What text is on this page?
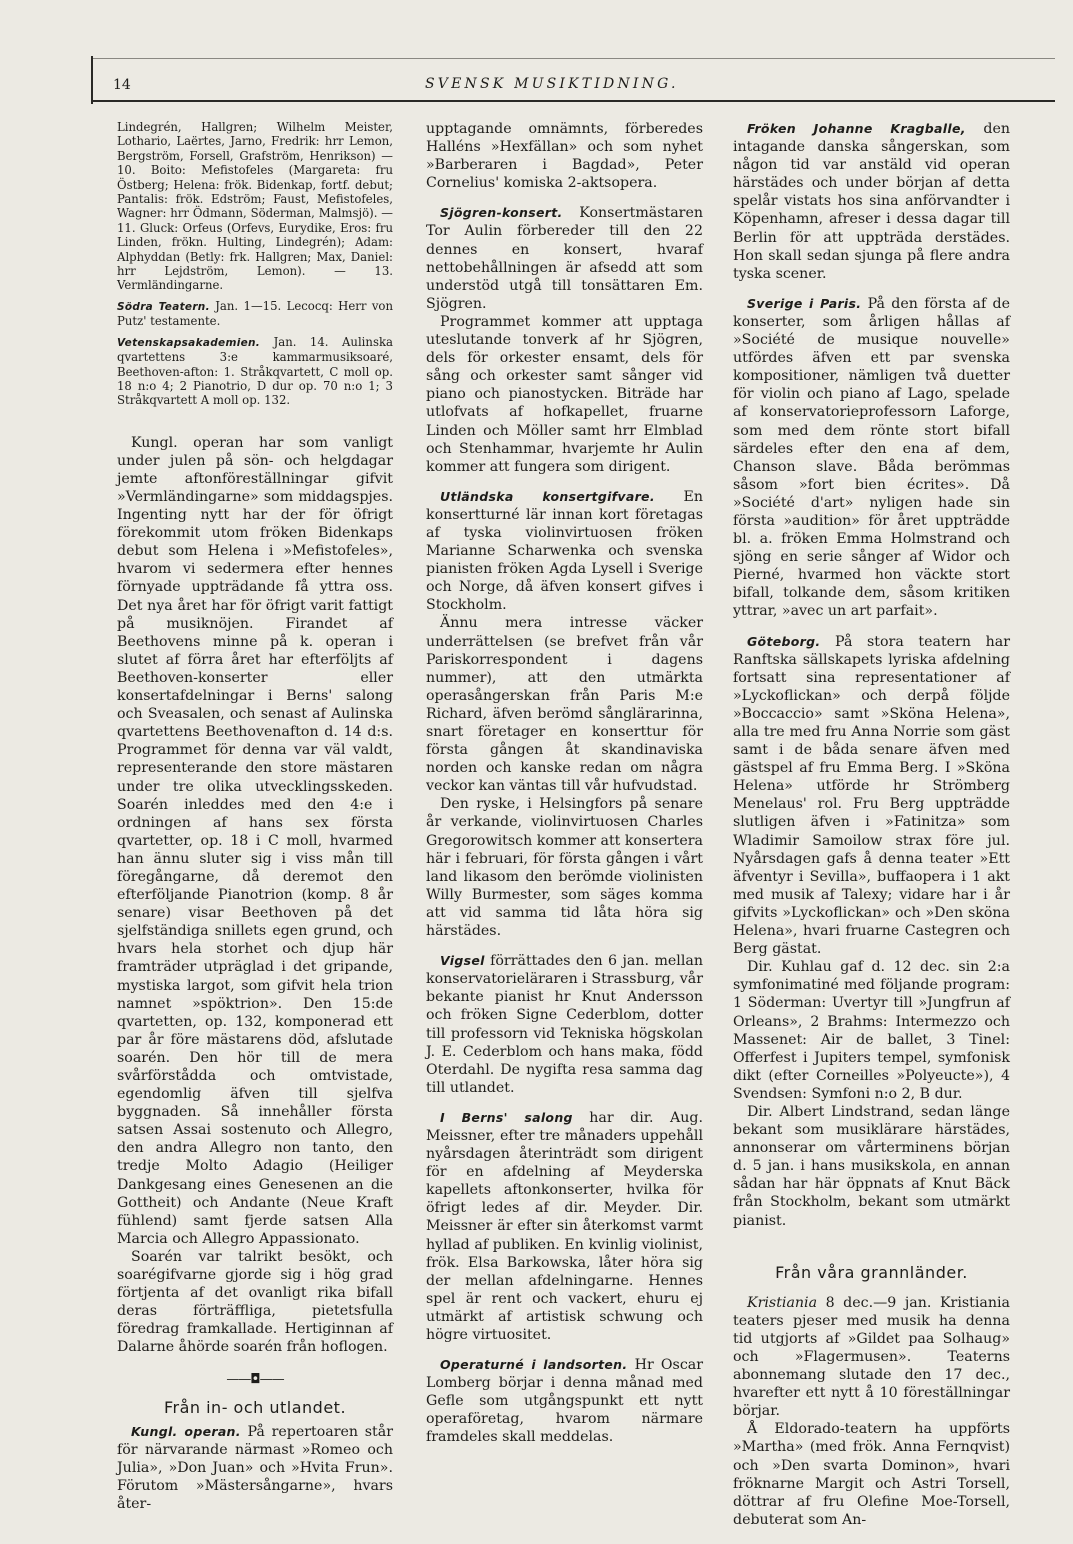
14	SVENSK MUSIKTIDNING.

Lindegrén, Hallgren; Wilhelm Meister, Lothario, Laërtes, Jarno, Fredrik: hrr Lemon, Bergström, Forsell, Grafström, Henrikson) — 10. Boito: Mefistofeles (Margareta: fru Östberg; Helena: frök. Bidenkap, fortf. debut; Pantalis: frök. Edström; Faust, Mefistofeles, Wagner: hrr Ödmann, Söderman, Malmsjö). — 11. Gluck: Orfeus (Orfevs, Eurydike, Eros: fru Linden, frökn. Hulting, Lindegrén); Adam: Alphyddan (Betly: frk. Hallgren; Max, Daniel: hrr Lejdström, Lemon). — 13. Vermländingarne.

Södra Teatern. Jan. 1—15. Lecocq: Herr von Putz' testamente.

Vetenskapsakademien. Jan. 14. Aulinska qvartettens 3:e kammarmusiksoaré, Beethoven-afton: 1. Stråkqvartett, C moll op. 18 n:o 4; 2 Pianotrio, D dur op. 70 n:o 1; 3 Stråkqvartett A moll op. 132.

Kungl. operan har som vanligt under julen på sön- och helgdagar jemte aftonföreställningar gifvit »Vermländingarne» som middagspjes. Ingenting nytt har der för öfrigt förekommit utom fröken Bidenkaps debut som Helena i »Mefistofeles», hvarom vi sedermera efter hennes förnyade uppträdande få yttra oss. Det nya året har för öfrigt varit fattigt på musiknöjen. Firandet af Beethovens minne på k. operan i slutet af förra året har efterföljts af Beethoven-konserter eller konsertafdelningar i Berns' salong och Sveasalen, och senast af Aulinska qvartettens Beethovenafton d. 14 d:s. Programmet för denna var väl valdt, representerande den store mästaren under tre olika utvecklingsskeden. Soarén inleddes med den 4:e i ordningen af hans sex första qvartetter, op. 18 i C moll, hvarmed han ännu sluter sig i viss mån till föregångarne, då deremot den efterföljande Pianotrion (komp. 8 år senare) visar Beethoven på det sjelfständiga snillets egen grund, och hvars hela storhet och djup här framträder utpräglad i det gripande, mystiska largot, som gifvit hela trion namnet »spöktrion». Den 15:de qvartetten, op. 132, komponerad ett par år före mästarens död, afslutade soarén. Den hör till de mera svårförstådda och omtvistade, egendomlig äfven till sjelfva byggnaden. Så innehåller första satsen Assai sostenuto och Allegro, den andra Allegro non tanto, den tredje Molto Adagio (Heiliger Dankgesang eines Genesenen an die Gottheit) och Andante (Neue Kraft fühlend) samt fjerde satsen Alla Marcia och Allegro Appassionato.

Soarén var talrikt besökt, och soarégifvarne gjorde sig i hög grad förtjenta af det ovanligt rika bifall deras förträffliga, pietetsfulla föredrag framkallade. Hertiginnan af Dalarne åhörde soarén från hoflogen.

——◘——

Från in- och utlandet.

Kungl. operan. På repertoaren står för närvarande närmast »Romeo och Julia», »Don Juan» och »Hvita Frun». Förutom »Mästersångarne», hvars åter-

upptagande omnämnts, förberedes Halléns »Hexfällan» och som nyhet »Barberaren i Bagdad», Peter Cornelius' komiska 2-aktsopera.

Sjögren-konsert. Konsertmästaren Tor Aulin förbereder till den 22 dennes en konsert, hvaraf nettobehållningen är afsedd att som understöd utgå till tonsättaren Em. Sjögren.

Programmet kommer att upptaga uteslutande tonverk af hr Sjögren, dels för orkester ensamt, dels för sång och orkester samt sånger vid piano och pianostycken. Biträde har utlofvats af hofkapellet, fruarne Linden och Möller samt hrr Elmblad och Stenhammar, hvarjemte hr Aulin kommer att fungera som dirigent.

Utländska konsertgifvare. En konsertturné lär innan kort företagas af tyska violinvirtuosen fröken Marianne Scharwenka och svenska pianisten fröken Agda Lysell i Sverige och Norge, då äfven konsert gifves i Stockholm.

Ännu mera intresse väcker underrättelsen (se brefvet från vår Pariskorrespondent i dagens nummer), att den utmärkta operasångerskan från Paris M:e Richard, äfven berömd sånglärarinna, snart företager en konserttur för första gången åt skandinaviska norden och kanske redan om några veckor kan väntas till vår hufvudstad.

Den ryske, i Helsingfors på senare år verkande, violinvirtuosen Charles Gregorowitsch kommer att konsertera här i februari, för första gången i vårt land likasom den berömde violinisten Willy Burmester, som säges komma att vid samma tid låta höra sig härstädes.

Vigsel förrättades den 6 jan. mellan konservatorieläraren i Strassburg, vår bekante pianist hr Knut Andersson och fröken Signe Cederblom, dotter till professorn vid Tekniska högskolan J. E. Cederblom och hans maka, född Oterdahl. De nygifta resa samma dag till utlandet.

I Berns' salong har dir. Aug. Meissner, efter tre månaders uppehåll nyårsdagen återinträdt som dirigent för en afdelning af Meyderska kapellets aftonkonserter, hvilka för öfrigt ledes af dir. Meyder. Dir. Meissner är efter sin återkomst varmt hyllad af publiken. En kvinlig violinist, frök. Elsa Barkowska, låter höra sig der mellan afdelningarne. Hennes spel är rent och vackert, ehuru ej utmärkt af artistisk schwung och högre virtuositet.

Operaturné i landsorten. Hr Oscar Lomberg börjar i denna månad med Gefle som utgångspunkt ett nytt operaföretag, hvarom närmare framdeles skall meddelas.

Fröken Johanne Kragballe, den intagande danska sångerskan, som någon tid var anstäld vid operan härstädes och under början af detta spelår vistats hos sina anförvandter i Köpenhamn, afreser i dessa dagar till Berlin för att uppträda derstädes. Hon skall sedan sjunga på flere andra tyska scener.

Sverige i Paris. På den första af de konserter, som årligen hållas af »Société de musique nouvelle» utfördes äfven ett par svenska kompositioner, nämligen två duetter för violin och piano af Lago, spelade af konservatorieprofessorn Laforge, som med dem rönte stort bifall särdeles efter den ena af dem, Chanson slave. Båda berömmas såsom »fort bien écrites». Då »Société d'art» nyligen hade sin första »audition» för året uppträdde bl. a. fröken Emma Holmstrand och sjöng en serie sånger af Widor och Pierné, hvarmed hon väckte stort bifall, tolkande dem, såsom kritiken yttrar, »avec un art parfait».

Göteborg. På stora teatern har Ranftska sällskapets lyriska afdelning fortsatt sina representationer af »Lyckoflickan» och derpå följde »Boccaccio» samt »Sköna Helena», alla tre med fru Anna Norrie som gäst samt i de båda senare äfven med gästspel af fru Emma Berg. I »Sköna Helena» utförde hr Strömberg Menelaus' rol. Fru Berg uppträdde slutligen äfven i »Fatinitza» som Wladimir Samoilow strax före jul. Nyårsdagen gafs å denna teater »Ett äfventyr i Sevilla», buffaopera i 1 akt med musik af Talexy; vidare har i år gifvits »Lyckoflickan» och »Den sköna Helena», hvari fruarne Castegren och Berg gästat.

Dir. Kuhlau gaf d. 12 dec. sin 2:a symfonimatiné med följande program: 1 Söderman: Uvertyr till »Jungfrun af Orleans», 2 Brahms: Intermezzo och Massenet: Air de ballet, 3 Tinel: Offerfest i Jupiters tempel, symfonisk dikt (efter Corneilles »Polyeucte»), 4 Svendsen: Symfoni n:o 2, B dur.

Dir. Albert Lindstrand, sedan länge bekant som musiklärare härstädes, annonserar om vårterminens början d. 5 jan. i hans musikskola, en annan sådan har här öppnats af Knut Bäck från Stockholm, bekant som utmärkt pianist.

Från våra grannländer.

Kristiania 8 dec.—9 jan. Kristiania teaters pjeser med musik ha denna tid utgjorts af »Gildet paa Solhaug» och »Flagermusen». Teaterns abonnemang slutade den 17 dec., hvarefter ett nytt å 10 föreställningar börjar.

Å Eldorado-teatern ha uppförts »Martha» (med frök. Anna Fernqvist) och »Den svarta Dominon», hvari fröknarne Margit och Astri Torsell, döttrar af fru Olefine Moe-Torsell, debuterat som An-
